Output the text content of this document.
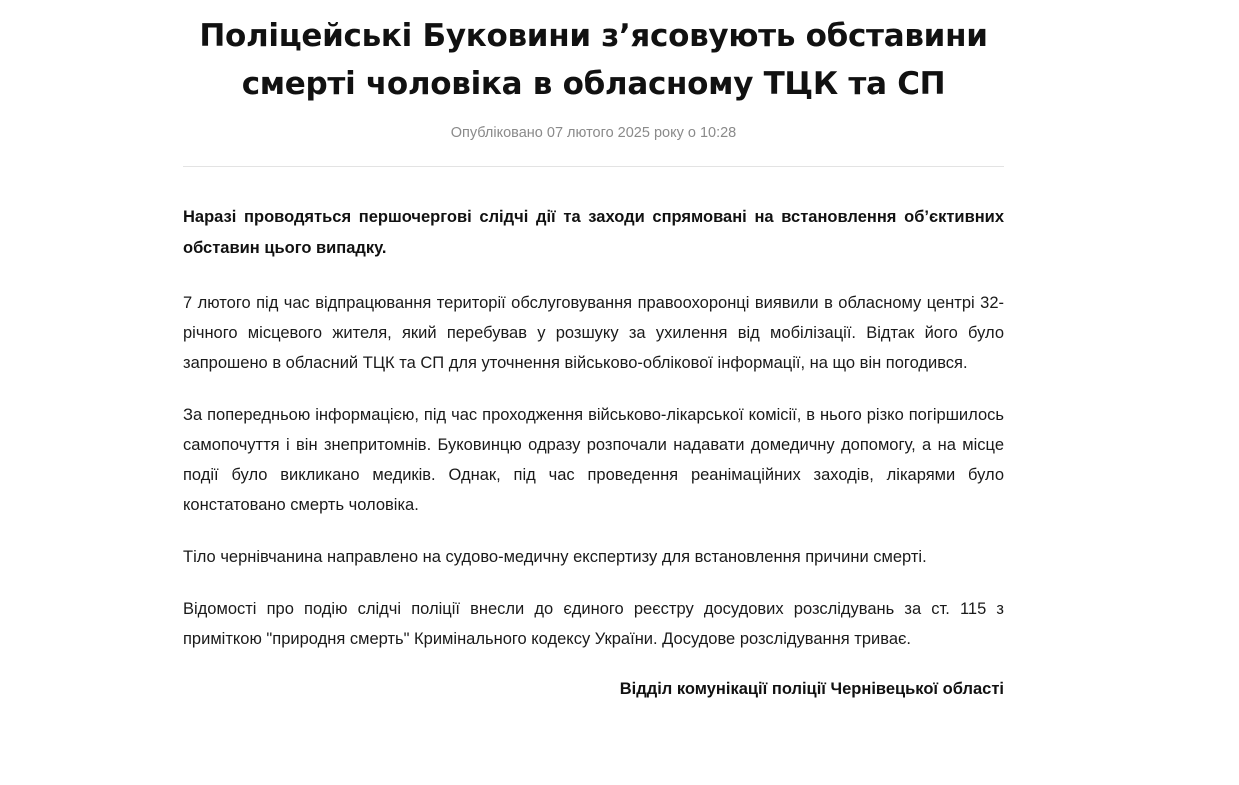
Поліцейські Буковини з’ясовують обставини смерті чоловіка в обласному ТЦК та СП
Опубліковано 07 лютого 2025 року о 10:28

Наразі проводяться першочергові слідчі дії та заходи спрямовані на встановлення об’єктивних обставин цього випадку.

7 лютого під час відпрацювання території обслуговування правоохоронці виявили в обласному центрі 32-річного місцевого жителя, який перебував у розшуку за ухилення від мобілізації. Відтак його було запрошено в обласний ТЦК та СП для уточнення військово-облікової інформації, на що він погодився.

За попередньою інформацією, під час проходження військово-лікарської комісії, в нього різко погіршилось самопочуття і він знепритомнів. Буковинцю одразу розпочали надавати домедичну допомогу, а на місце події було викликано медиків. Однак, під час проведення реанімаційних заходів, лікарями було констатовано смерть чоловіка.

Тіло чернівчанина направлено на судово-медичну експертизу для встановлення причини смерті.

Відомості про подію слідчі поліції внесли до єдиного реєстру досудових розслідувань за ст. 115 з приміткою "природня смерть" Кримінального кодексу України. Досудове розслідування триває.

Відділ комунікації поліції Чернівецької області
